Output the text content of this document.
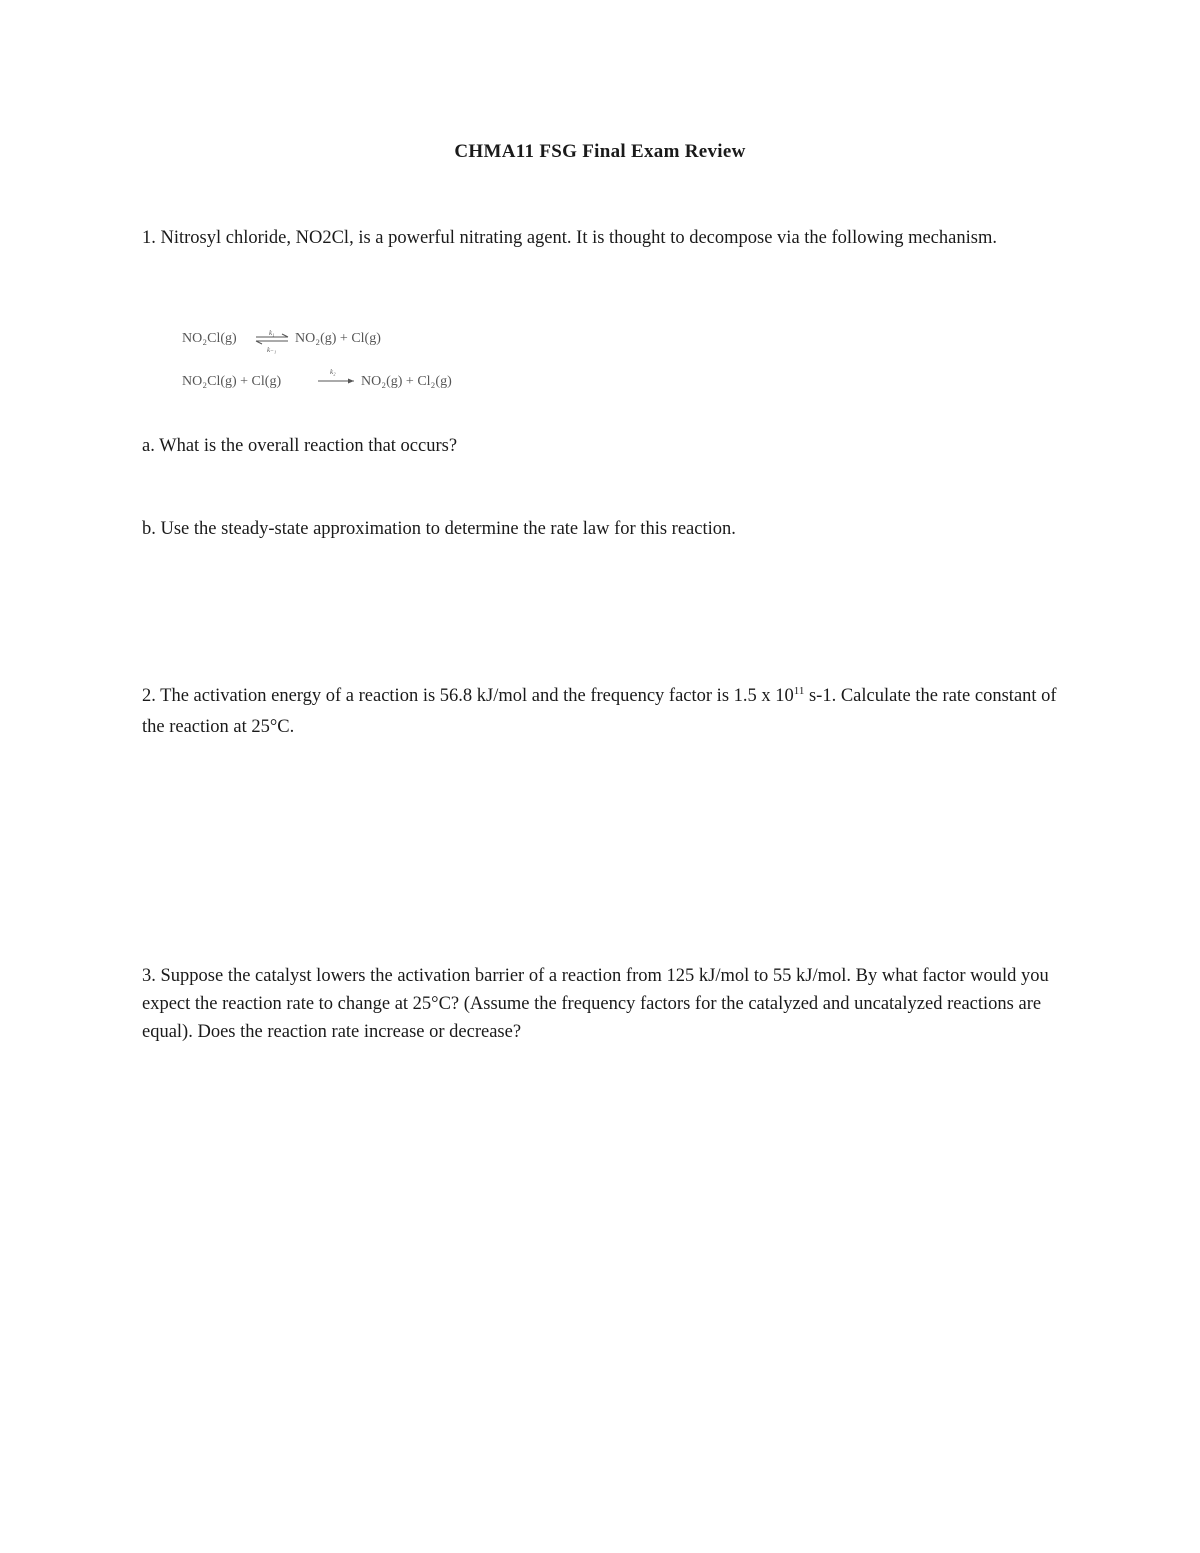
CHMA11 FSG Final Exam Review
1. Nitrosyl chloride, NO2Cl, is a powerful nitrating agent. It is thought to decompose via the following mechanism.
NO₂Cl(g)	k₁
k₋₁
NO₂(g) + Cl(g)
NO₂Cl(g) + Cl(g)
k₂
NO₂(g) + Cl₂(g)
a. What is the overall reaction that occurs?
b. Use the steady-state approximation to determine the rate law for this reaction.
2. The activation energy of a reaction is 56.8 kJ/mol and the frequency factor is 1.5 x $10^{11}$ s-1. Calculate the rate constant of the reaction at 25°C.
3. Suppose the catalyst lowers the activation barrier of a reaction from 125 kJ/mol to 55 kJ/mol. By what factor would you expect the reaction rate to change at 25°C? (Assume the frequency factors for the catalyzed and uncatalyzed reactions are equal). Does the reaction rate increase or decrease?
